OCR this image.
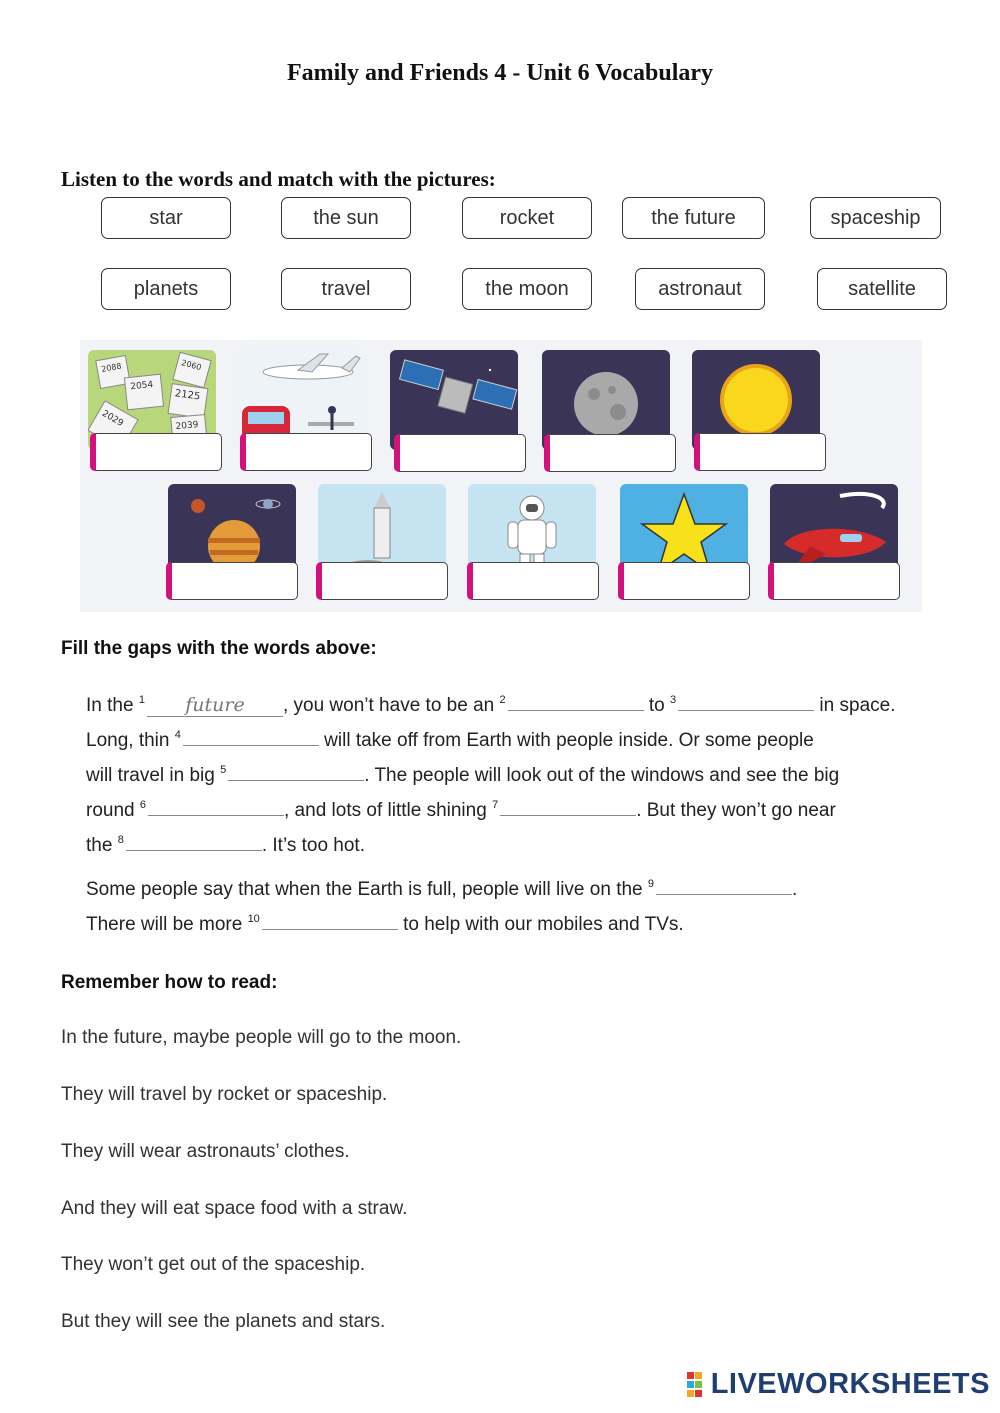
Family and Friends 4 - Unit 6 Vocabulary
Listen to the words and match with the pictures:
star	the sun	rocket	the future	spaceship
planets	travel	the moon	astronaut	satellite
2088	2060
2054
2125
2029	2039
Fill the gaps with the words above:
In the $^1$ future , you won’t have to be an $^2$	to $^3$	in space.
Long, thin $^4$	will take off from Earth with people inside. Or some people
will travel in big $^5$	. The people will look out of the windows and see the big
round $^6$	, and lots of little shining $^7$	. But they won’t go near
the $^8$	. It’s too hot.
Some people say that when the Earth is full, people will live on the $^9$	.
There will be more $^{10}$	to help with our mobiles and TVs.
Remember how to read:
In the future, maybe people will go to the moon.
They will travel by rocket or spaceship.
They will wear astronauts’ clothes.
And they will eat space food with a straw.
They won’t get out of the spaceship.
But they will see the planets and stars.
LIVEWORKSHEETS
